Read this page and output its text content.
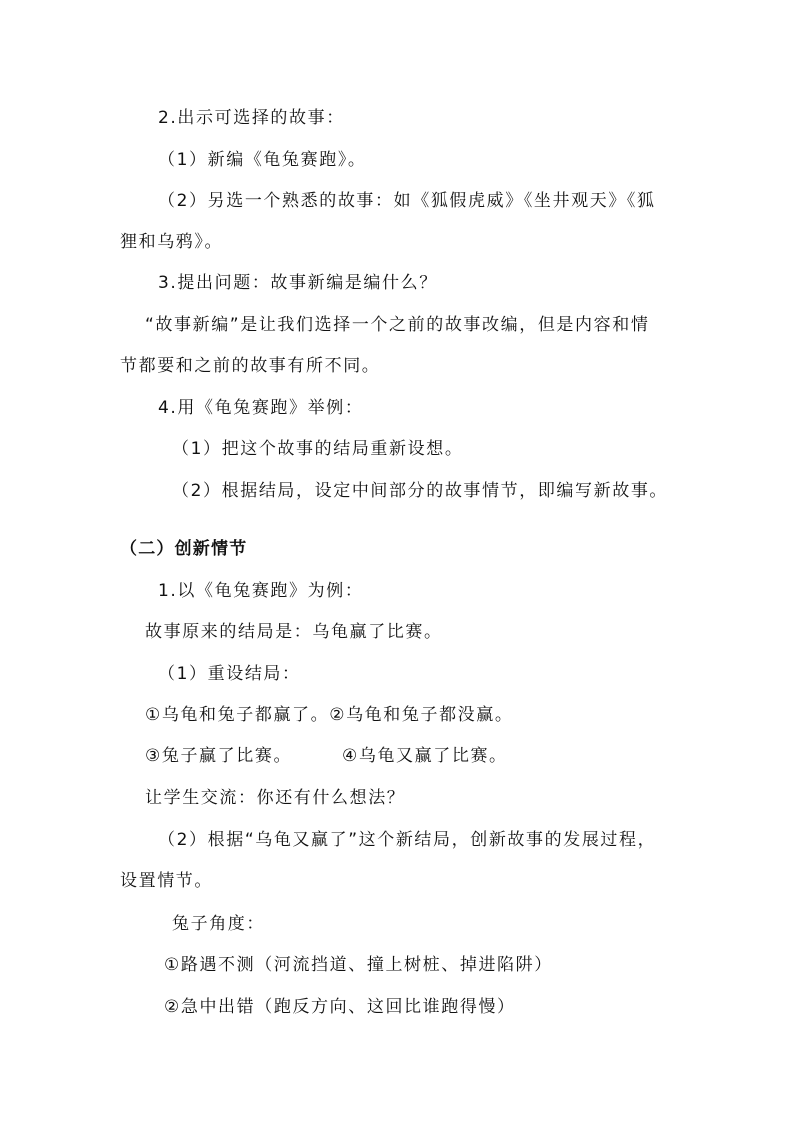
2.出示可选择的故事：
（1）新编《龟兔赛跑》。
（2）另选一个熟悉的故事：如《狐假虎威》《坐井观天》《狐
狸和乌鸦》。
3.提出问题：故事新编是编什么？
“故事新编”是让我们选择一个之前的故事改编，但是内容和情
节都要和之前的故事有所不同。
4.用《龟兔赛跑》举例：
（1）把这个故事的结局重新设想。
（2）根据结局，设定中间部分的故事情节，即编写新故事。
（二）创新情节
1.以《龟兔赛跑》为例：
故事原来的结局是：乌龟赢了比赛。
（1）重设结局：
①乌龟和兔子都赢了。②乌龟和兔子都没赢。
③兔子赢了比赛。	④乌龟又赢了比赛。
让学生交流：你还有什么想法？
（2）根据“乌龟又赢了”这个新结局，创新故事的发展过程，
设置情节。
兔子角度：
①路遇不测（河流挡道、撞上树桩、掉进陷阱）
②急中出错（跑反方向、这回比谁跑得慢）
